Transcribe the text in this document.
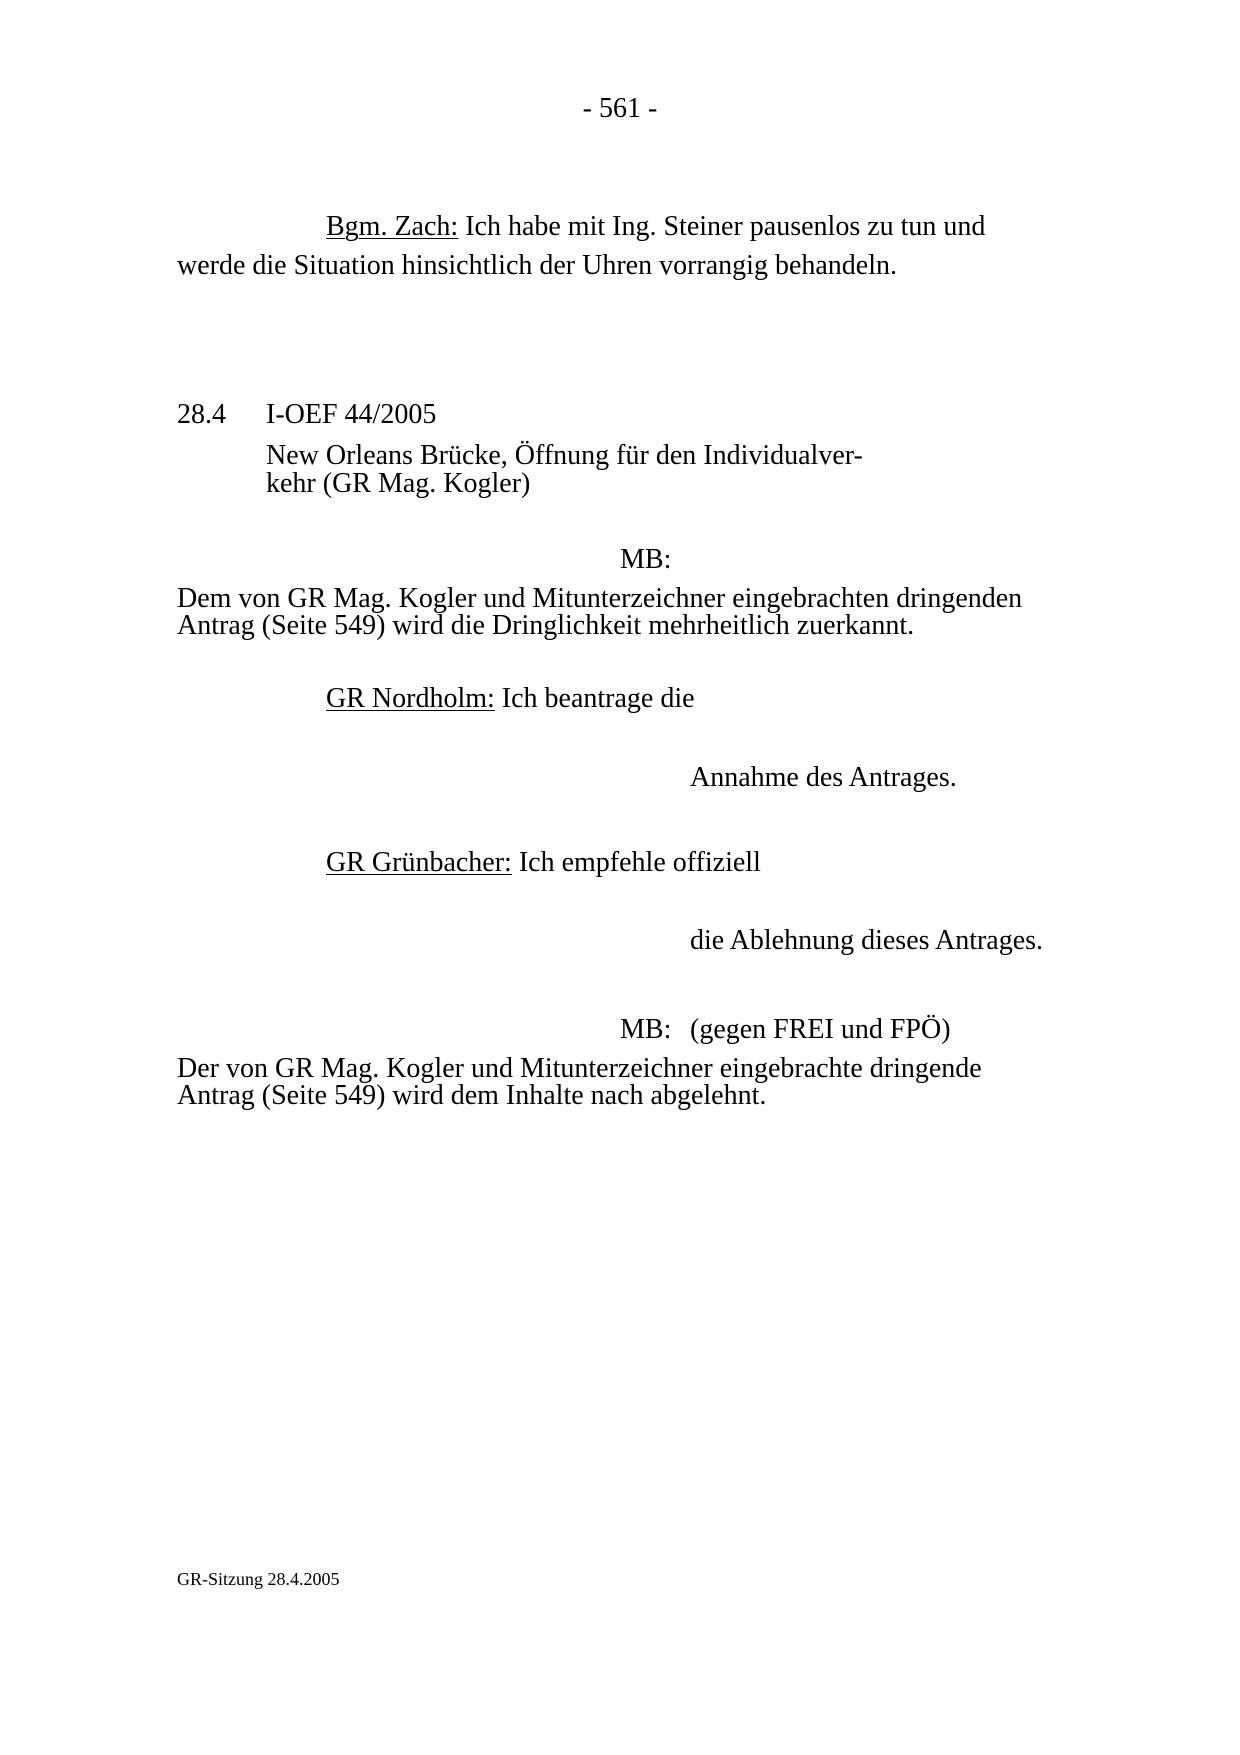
- 561 -
Bgm. Zach: Ich habe mit Ing. Steiner pausenlos zu tun und
werde die Situation hinsichtlich der Uhren vorrangig behandeln.
28.4 I-OEF 44/2005
New Orleans Brücke, Öffnung für den Individualver-
kehr (GR Mag. Kogler)
MB:
Dem von GR Mag. Kogler und Mitunterzeichner eingebrachten dringenden
Antrag (Seite 549) wird die Dringlichkeit mehrheitlich zuerkannt.
GR Nordholm: Ich beantrage die
Annahme des Antrages.
GR Grünbacher: Ich empfehle offiziell
die Ablehnung dieses Antrages.
MB: (gegen FREI und FPÖ)
Der von GR Mag. Kogler und Mitunterzeichner eingebrachte dringende
Antrag (Seite 549) wird dem Inhalte nach abgelehnt.
GR-Sitzung 28.4.2005
